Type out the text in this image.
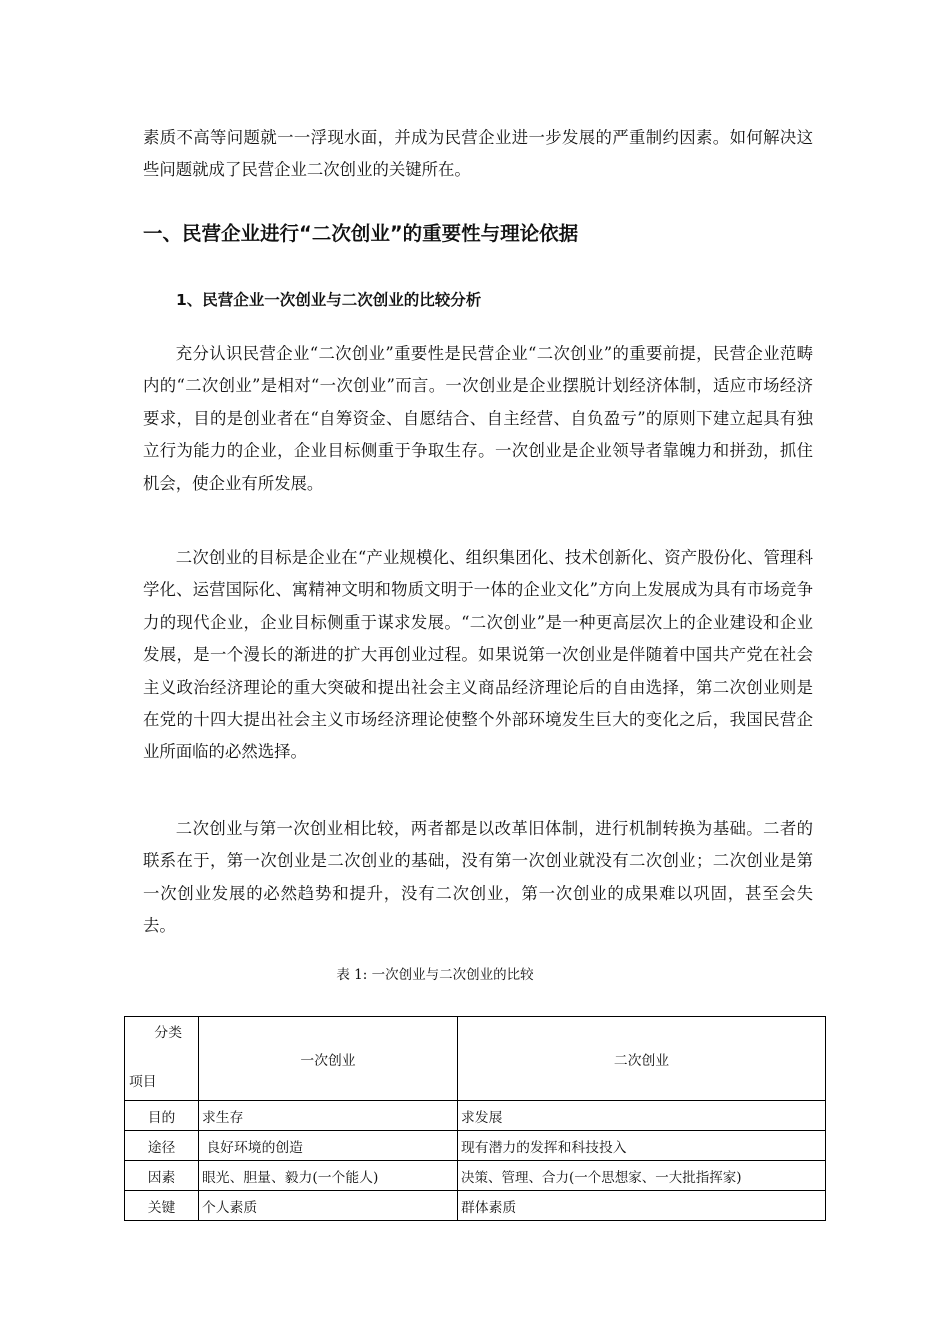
素质不高等问题就一一浮现水面，并成为民营企业进一步发展的严重制约因素。如何解决这些问题就成了民营企业二次创业的关键所在。

一、民营企业进行“二次创业”的重要性与理论依据
1、民营企业一次创业与二次创业的比较分析

充分认识民营企业“二次创业”重要性是民营企业“二次创业”的重要前提，民营企业范畴内的“二次创业”是相对“一次创业”而言。一次创业是企业摆脱计划经济体制，适应市场经济要求，目的是创业者在“自筹资金、自愿结合、自主经营、自负盈亏”的原则下建立起具有独立行为能力的企业，企业目标侧重于争取生存。一次创业是企业领导者靠魄力和拼劲，抓住机会，使企业有所发展。

二次创业的目标是企业在“产业规模化、组织集团化、技术创新化、资产股份化、管理科学化、运营国际化、寓精神文明和物质文明于一体的企业文化”方向上发展成为具有市场竞争力的现代企业，企业目标侧重于谋求发展。“二次创业”是一种更高层次上的企业建设和企业发展，是一个漫长的渐进的扩大再创业过程。如果说第一次创业是伴随着中国共产党在社会主义政治经济理论的重大突破和提出社会主义商品经济理论后的自由选择，第二次创业则是在党的十四大提出社会主义市场经济理论使整个外部环境发生巨大的变化之后，我国民营企业所面临的必然选择。

二次创业与第一次创业相比较，两者都是以改革旧体制，进行机制转换为基础。二者的联系在于，第一次创业是二次创业的基础，没有第一次创业就没有二次创业；二次创业是第一次创业发展的必然趋势和提升，没有二次创业，第一次创业的成果难以巩固，甚至会失去。

表 1: 一次创业与二次创业的比较
分类
项目	一次创业	二次创业
目的	求生存	求发展
途径	良好环境的创造	现有潜力的发挥和科技投入
因素	眼光、胆量、毅力(一个能人)	决策、管理、合力(一个思想家、一大批指挥家)
关键	个人素质	群体素质
